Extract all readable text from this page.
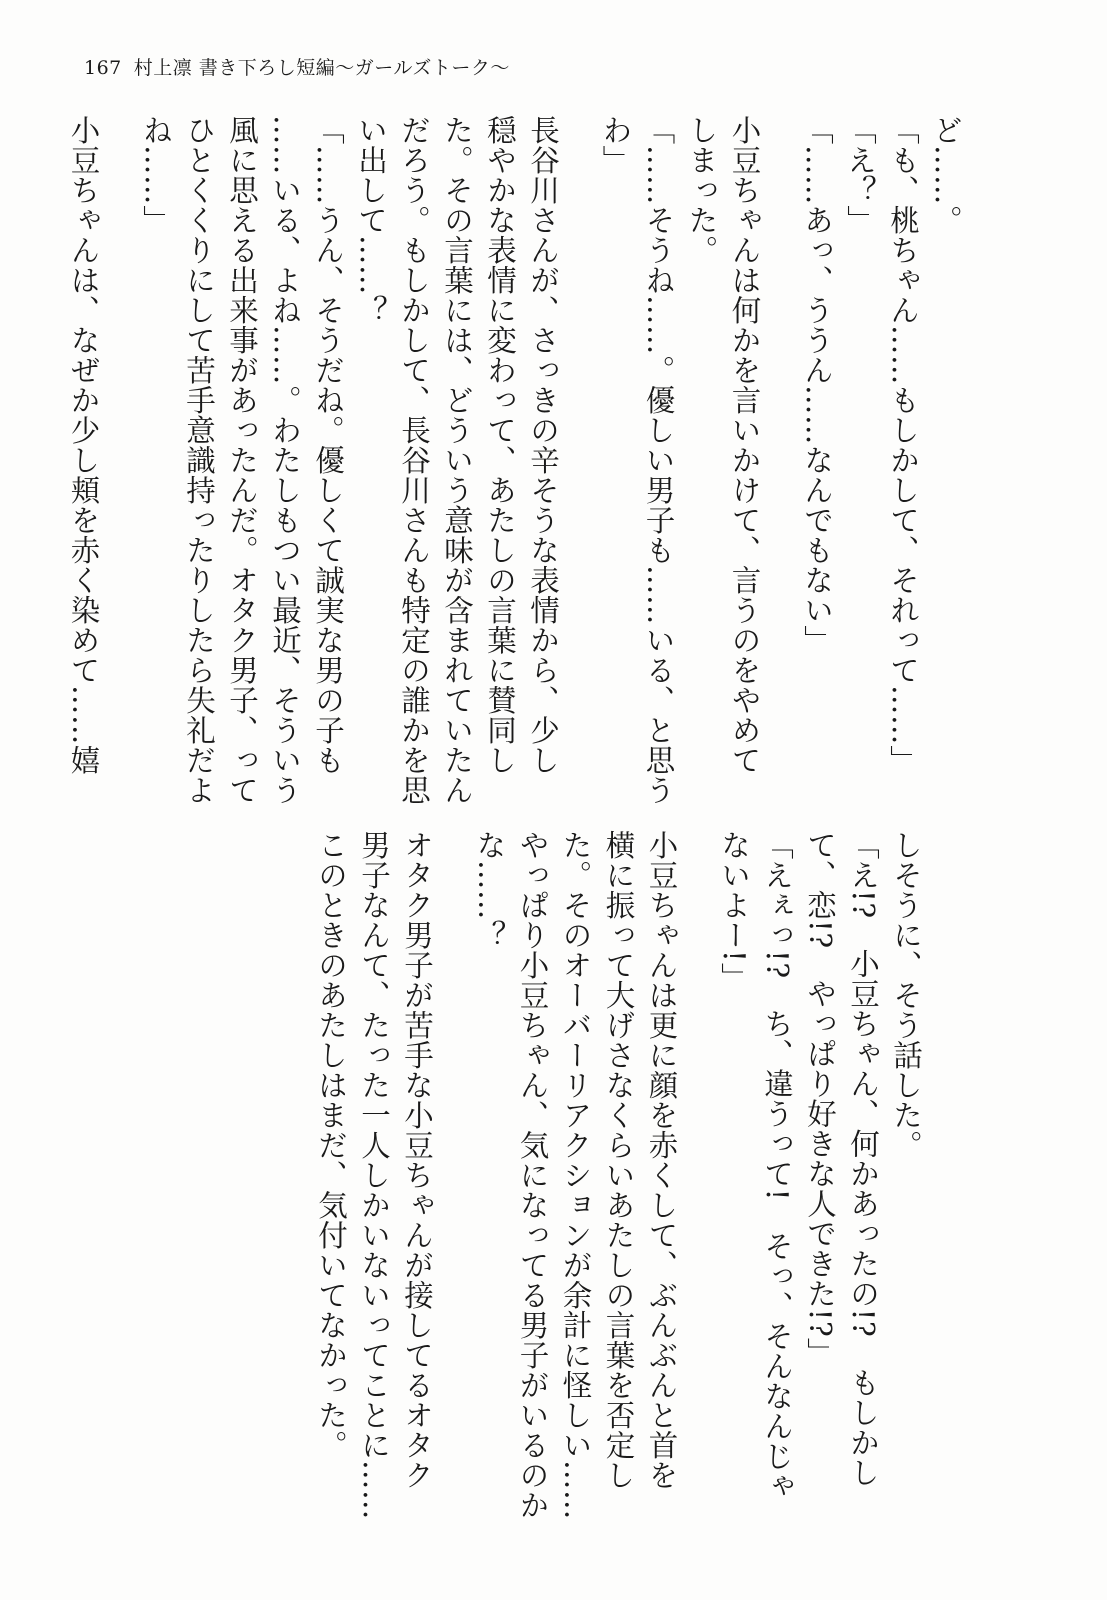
167 村上凛 書き下ろし短編〜ガールズトーク〜
ど……。
「も、桃ちゃん……もしかして、それって……」
「え？」
「……あっ、ううん……なんでもない」
小豆ちゃんは何かを言いかけて、言うのをやめて
しまった。
「……そうね……。優しい男子も……いる、と思う
わ」
長谷川さんが、さっきの辛そうな表情から、少し
穏やかな表情に変わって、あたしの言葉に賛同し
た。その言葉には、どういう意味が含まれていたん
だろう。もしかして、長谷川さんも特定の誰かを思
い出して……？
「……うん、そうだね。優しくて誠実な男の子も
……いる、よね……。わたしもつい最近、そういう
風に思える出来事があったんだ。オタク男子、って
ひとくくりにして苦手意識持ったりしたら失礼だよ
ね……」
小豆ちゃんは、なぜか少し頬を赤く染めて……嬉
しそうに、そう話した。
「え!?　小豆ちゃん、何かあったの!?　もしかし
て、恋!?　やっぱり好きな人できた!?」
「えぇっ!?　ち、違うって!　そっ、そんなんじゃ
ないよー!」
小豆ちゃんは更に顔を赤くして、ぶんぶんと首を
横に振って大げさなくらいあたしの言葉を否定し
た。そのオーバーリアクションが余計に怪しい……
やっぱり小豆ちゃん、気になってる男子がいるのか
な……？
オタク男子が苦手な小豆ちゃんが接してるオタク
男子なんて、たった一人しかいないってことに……
このときのあたしはまだ、気付いてなかった。
